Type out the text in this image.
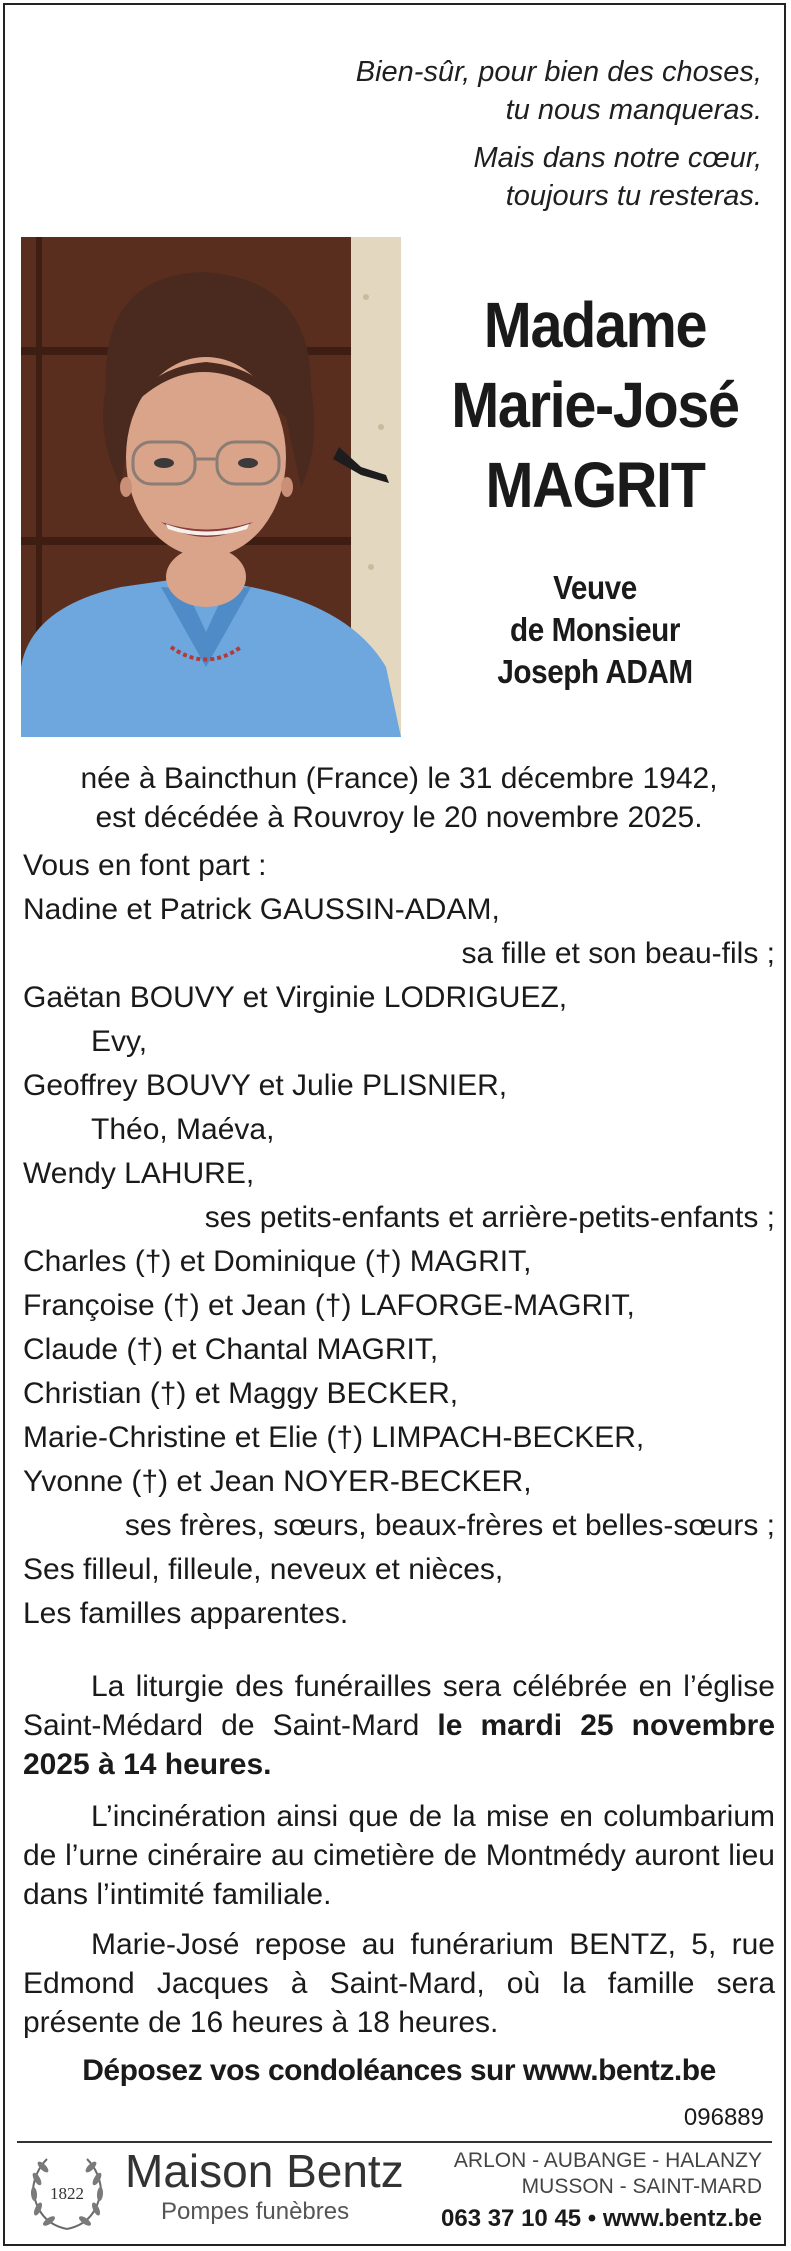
Bien-sûr, pour bien des choses,
tu nous manqueras.

Mais dans notre cœur,
toujours tu resteras.

Madame
Marie-José
MAGRIT
Veuve
de Monsieur
Joseph ADAM
née à Baincthun (France) le 31 décembre 1942,
est décédée à Rouvroy le 20 novembre 2025.
Vous en font part :
Nadine et Patrick GAUSSIN-ADAM,
sa fille et son beau-fils ;
Gaëtan BOUVY et Virginie LODRIGUEZ,
Evy,
Geoffrey BOUVY et Julie PLISNIER,
Théo, Maéva,
Wendy LAHURE,
ses petits-enfants et arrière-petits-enfants ;
Charles (†) et Dominique (†) MAGRIT,
Françoise (†) et Jean (†) LAFORGE-MAGRIT,
Claude (†) et Chantal MAGRIT,
Christian (†) et Maggy BECKER,
Marie-Christine et Elie (†) LIMPACH-BECKER,
Yvonne (†) et Jean NOYER-BECKER,
ses frères, sœurs, beaux-frères et belles-sœurs ;
Ses filleul, filleule, neveux et nièces,
Les familles apparentes.

La liturgie des funérailles sera célébrée en l’église Saint-Médard de Saint-Mard le mardi 25 novembre 2025 à 14 heures.

L’incinération ainsi que de la mise en columbarium de l’urne cinéraire au cimetière de Montmédy auront lieu dans l’intimité familiale.

Marie-José repose au funérarium BENTZ, 5, rue Edmond Jacques à Saint-Mard, où la famille sera présente de 16 heures à 18 heures.

Déposez vos condoléances sur www.bentz.be
096889
1822 Maison Bentz
Pompes funèbres
ARLON - AUBANGE - HALANZY
MUSSON - SAINT-MARD
063 37 10 45 • www.bentz.be
